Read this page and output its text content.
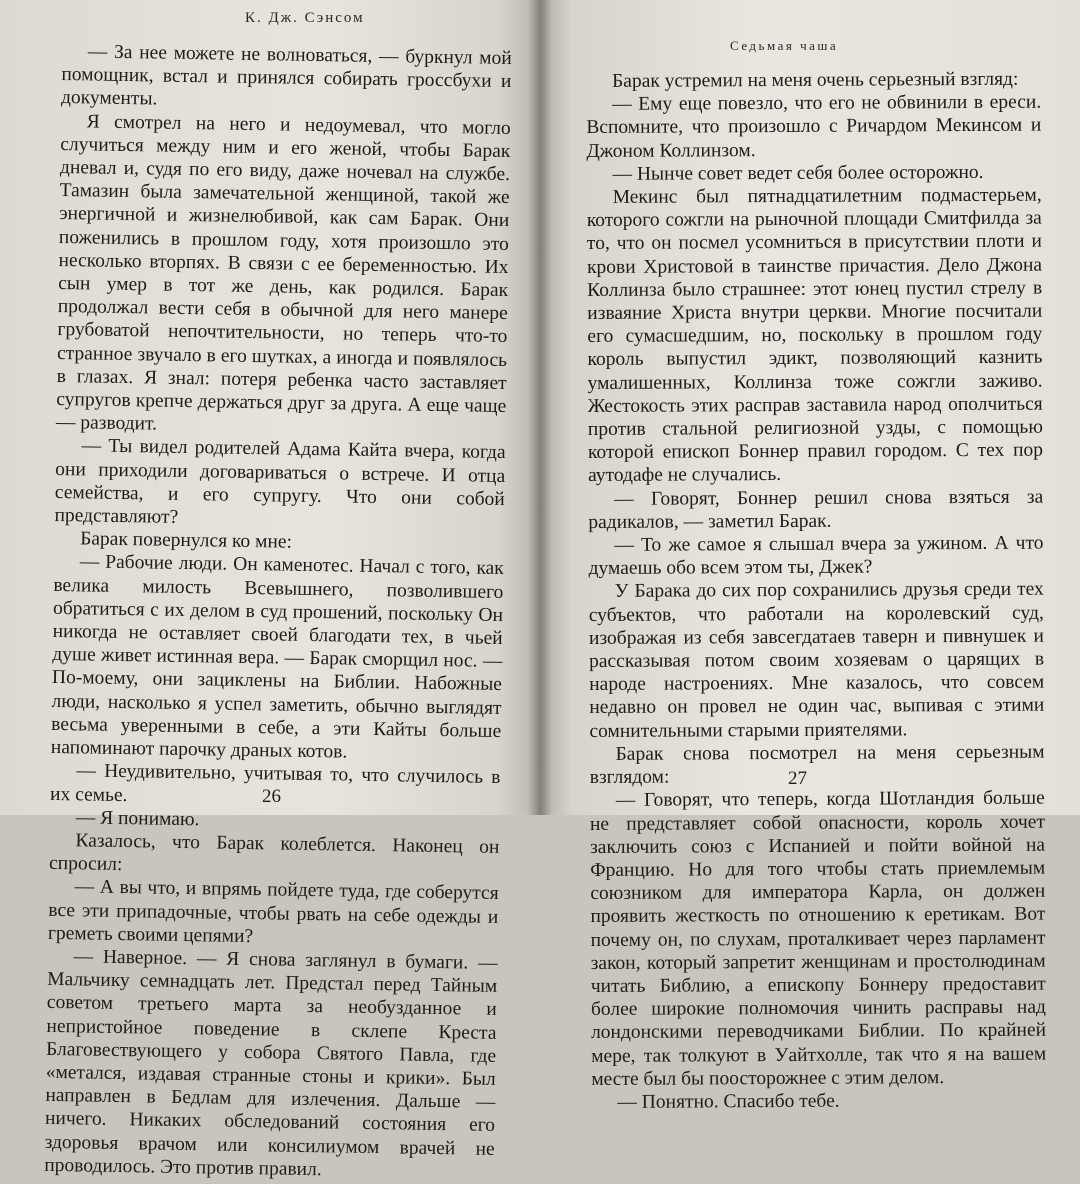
К. Дж. Сэнсом

— За нее можете не волноваться, — буркнул мой помощник, встал и принялся собирать гроссбухи и документы.

Я смотрел на него и недоумевал, что могло случиться между ним и его женой, чтобы Барак днeвал и, судя по его виду, даже ночевал на службе. Тамазин была замечательной женщиной, такой же энергичной и жизнелюбивой, как сам Барак. Они поженились в прошлом году, хотя произошло это несколько вторпях. В связи с ее беременностью. Их сын умер в тот же день, как родился. Барак продолжал вести себя в обычной для него манере грубоватой непочтительности, но теперь что-то странное звучало в его шутках, а иногда и появлялось в глазах. Я знал: потеря ребенка часто заставляет супругов крепче держаться друг за друга. А еще чаще — разводит.

— Ты видел родителей Адама Кайта вчера, когда они приходили договариваться о встрече. И отца семейства, и его супругу. Что они собой представляют?

Барак повернулся ко мне:

— Рабочие люди. Он каменотес. Начал с того, как велика милость Всевышнего, позволившего обратиться с их делом в суд прошений, поскольку Он никогда не оставляет своей благодати тех, в чьей душе живет истинная вера. — Барак сморщил нос. — По-моему, они зациклены на Библии. Набожные люди, насколько я успел заметить, обычно выглядят весьма уверенными в себе, а эти Кайты больше напоминают парочку драных котов.

— Неудивительно, учитывая то, что случилось в их семье.

— Я понимаю.

Казалось, что Барак колеблется. Наконец он спросил:

— А вы что, и впрямь пойдете туда, где соберутся все эти припадочные, чтобы рвать на себе одежды и греметь своими цепями?

— Наверное. — Я снова заглянул в бумаги. — Мальчику семнадцать лет. Предстал перед Тайным советом третьего марта за необузданное и непристойное поведение в склепе Креста Благовествующего у собора Святого Павла, где «метался, издавая странные стоны и крики». Был направлен в Бедлам для излечения. Дальше — ничего. Никаких обследований состояния его здоровья врачом или консилиумом врачей не проводилось. Это против правил.

26
Седьмая чаша

Барак устремил на меня очень серьезный взгляд:

— Ему еще повезло, что его не обвинили в ереси. Вспомните, что произошло с Ричардом Мекинсом и Джоном Коллинзом.

— Нынче совет ведет себя более осторожно.

Мекинс был пятнадцатилетним подмастерьем, которого сожгли на рыночной площади Смитфилда за то, что он посмел усомниться в присутствии плоти и крови Христовой в таинстве причастия. Дело Джона Коллинза было страшнее: этот юнец пустил стрелу в изваяние Христа внутри церкви. Многие посчитали его сумасшедшим, но, поскольку в прошлом году король выпустил эдикт, позволяющий казнить умалишенных, Коллинза тоже сожгли заживо. Жестокость этих расправ заставила народ ополчиться против стальной религиозной узды, с помощью которой епископ Боннер правил городом. С тех пор аутодафе не случались.

— Говорят, Боннер решил снова взяться за радикалов, — заметил Барак.

— То же самое я слышал вчера за ужином. А что думаешь обо всем этом ты, Джек?

У Барака до сих пор сохранились друзья среди тех субъектов, что работали на королевский суд, изображая из себя завсегдатаев таверн и пивнушек и рассказывая потом своим хозяевам о царящих в народе настроениях. Мне казалось, что совсем недавно он провел не один час, выпивая с этими сомнительными старыми приятелями.

Барак снова посмотрел на меня серьезным взглядом:

— Говорят, что теперь, когда Шотландия больше не представляет собой опасности, король хочет заключить союз с Испанией и пойти войной на Францию. Но для того чтобы стать приемлемым союзником для императора Карла, он должен проявить жесткость по отношению к еретикам. Вот почему он, по слухам, проталкивает через парламент закон, который запретит женщинам и простолюдинам читать Библию, а епископу Боннеру предоставит более широкие полномочия чинить расправы над лондонскими переводчиками Библии. По крайней мере, так толкуют в Уайтхолле, так что я на вашем месте был бы поосторожнее с этим делом.

— Понятно. Спасибо тебе.

27
